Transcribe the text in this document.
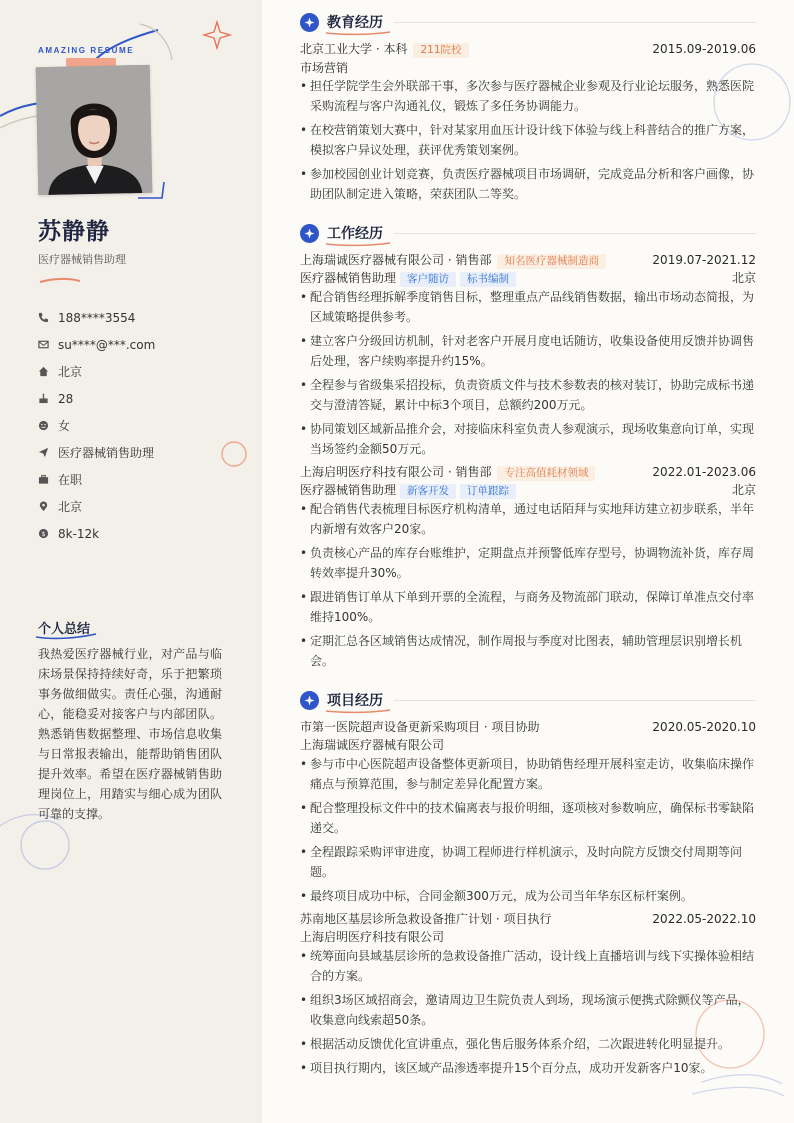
AMAZING RESUME
苏静静
医疗器械销售助理
188****3554
su****@***.com
北京
28
女
医疗器械销售助理
在职
北京
$ 8k-12k
个人总结
我热爱医疗器械行业，对产品与临床场景保持持续好奇，乐于把繁琐事务做细做实。责任心强，沟通耐心，能稳妥对接客户与内部团队。熟悉销售数据整理、市场信息收集与日常报表输出，能帮助销售团队提升效率。希望在医疗器械销售助理岗位上，用踏实与细心成为团队可靠的支撑。
教育经历
北京工业大学 · 本科 211院校	2015.09-2019.06
市场营销
• 担任学院学生会外联部干事，多次参与医疗器械企业参观及行业论坛服务，熟悉医院采购流程与客户沟通礼仪，锻炼了多任务协调能力。
• 在校营销策划大赛中，针对某家用血压计设计线下体验与线上科普结合的推广方案，模拟客户异议处理，获评优秀策划案例。
• 参加校园创业计划竞赛，负责医疗器械项目市场调研，完成竞品分析和客户画像，协助团队制定进入策略，荣获团队二等奖。
工作经历
上海瑞诚医疗器械有限公司 · 销售部 知名医疗器械制造商	2019.07-2021.12
医疗器械销售助理 客户随访 标书编制	北京
• 配合销售经理拆解季度销售目标，整理重点产品线销售数据，输出市场动态简报，为区域策略提供参考。
• 建立客户分级回访机制，针对老客户开展月度电话随访，收集设备使用反馈并协调售后处理，客户续购率提升约15%。
• 全程参与省级集采招投标，负责资质文件与技术参数表的核对装订，协助完成标书递交与澄清答疑，累计中标3个项目，总额约200万元。
• 协同策划区域新品推介会，对接临床科室负责人参观演示，现场收集意向订单，实现当场签约金额50万元。
上海启明医疗科技有限公司 · 销售部 专注高值耗材领域	2022.01-2023.06
医疗器械销售助理 新客开发 订单跟踪	北京
• 配合销售代表梳理目标医疗机构清单，通过电话陌拜与实地拜访建立初步联系，半年内新增有效客户20家。
• 负责核心产品的库存台账维护，定期盘点并预警低库存型号，协调物流补货，库存周转效率提升30%。
• 跟进销售订单从下单到开票的全流程，与商务及物流部门联动，保障订单准点交付率维持100%。
• 定期汇总各区域销售达成情况，制作周报与季度对比图表，辅助管理层识别增长机会。
项目经历
市第一医院超声设备更新采购项目 · 项目协助	2020.05-2020.10
上海瑞诚医疗器械有限公司
• 参与市中心医院超声设备整体更新项目，协助销售经理开展科室走访，收集临床操作痛点与预算范围，参与制定差异化配置方案。
• 配合整理投标文件中的技术偏离表与报价明细，逐项核对参数响应，确保标书零缺陷递交。
• 全程跟踪采购评审进度，协调工程师进行样机演示，及时向院方反馈交付周期等问题。
• 最终项目成功中标，合同金额300万元，成为公司当年华东区标杆案例。
苏南地区基层诊所急救设备推广计划 · 项目执行	2022.05-2022.10
上海启明医疗科技有限公司
• 统筹面向县域基层诊所的急救设备推广活动，设计线上直播培训与线下实操体验相结合的方案。
• 组织3场区域招商会，邀请周边卫生院负责人到场，现场演示便携式除颤仪等产品，收集意向线索超50条。
• 根据活动反馈优化宣讲重点，强化售后服务体系介绍，二次跟进转化明显提升。
• 项目执行期内，该区域产品渗透率提升15个百分点，成功开发新客户10家。
